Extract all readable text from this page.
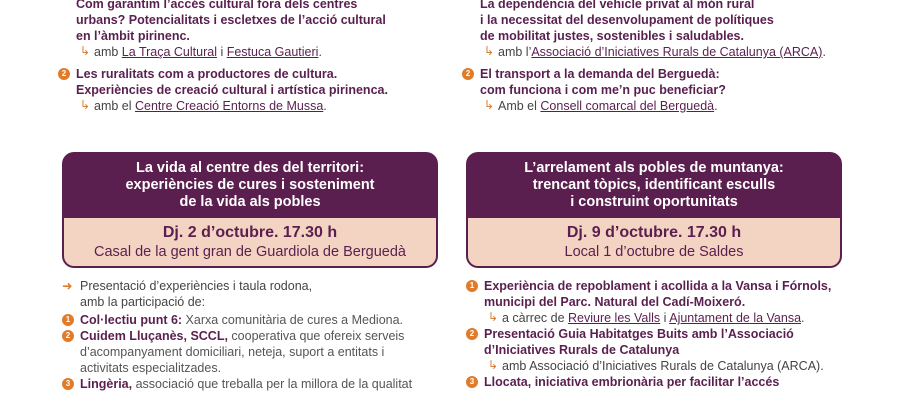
Com garantim l’accés cultural fora dels centres
urbans? Potencialitats i escletxes de l’acció cultural
en l’àmbit pirinenc.
↳ amb La Traça Cultural i Festuca Gautieri.
2 Les ruralitats com a productores de cultura.
Experiències de creació cultural i artística pirinenca.
↳ amb el Centre Creació Entorns de Mussa.
La dependència del vehicle privat al món rural
i la necessitat del desenvolupament de polítiques
de mobilitat justes, sostenibles i saludables.
↳ amb l’Associació d’Iniciatives Rurals de Catalunya (ARCA).
2 El transport a la demanda del Berguedà:
com funciona i com me’n puc beneficiar?
↳ Amb el Consell comarcal del Berguedà.
La vida al centre des del territori:
experiències de cures i sosteniment
de la vida als pobles
Dj. 2 d’octubre. 17.30 h
Casal de la gent gran de Guardiola de Berguedà
L’arrelament als pobles de muntanya:
trencant tòpics, identificant esculls
i construint oportunitats
Dj. 9 d’octubre. 17.30 h
Local 1 d’octubre de Saldes
➜ Presentació d’experiències i taula rodona,
amb la participació de:
1 Col·lectiu punt 6: Xarxa comunitària de cures a Mediona.
2 Cuidem Lluçanès, SCCL, cooperativa que ofereix serveis
d’acompanyament domiciliari, neteja, suport a entitats i
activitats especialitzades.
3 Lingèria, associació que treballa per la millora de la qualitat
1 Experiència de repoblament i acollida a la Vansa i Fórnols,
municipi del Parc. Natural del Cadí-Moixeró.
↳ a càrrec de Reviure les Valls i Ajuntament de la Vansa.
2 Presentació Guia Habitatges Buits amb l’Associació
d’Iniciatives Rurals de Catalunya
↳ amb Associació d’Iniciatives Rurals de Catalunya (ARCA).
3 Llocata, iniciativa embrionària per facilitar l’accés
